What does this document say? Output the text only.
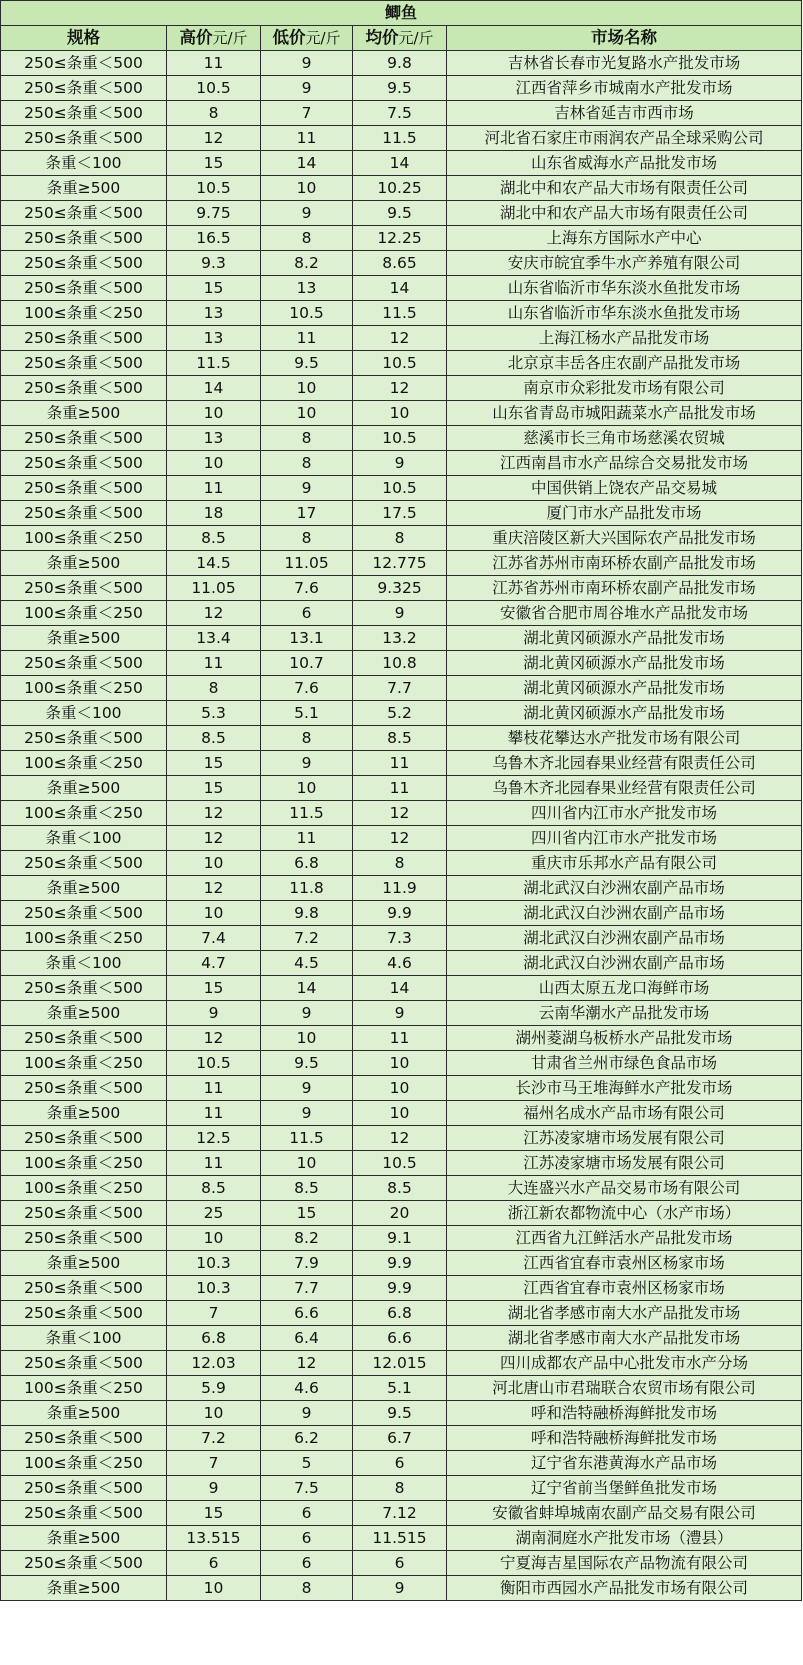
鲫鱼				
规格	高价元/斤	低价元/斤	均价元/斤	市场名称
250≤条重＜500	11	9	9.8	吉林省长春市光复路水产批发市场
250≤条重＜500	10.5	9	9.5	江西省萍乡市城南水产批发市场
250≤条重＜500	8	7	7.5	吉林省延吉市西市场
250≤条重＜500	12	11	11.5	河北省石家庄市雨润农产品全球采购公司
条重＜100	15	14	14	山东省威海水产品批发市场
条重≥500	10.5	10	10.25	湖北中和农产品大市场有限责任公司
250≤条重＜500	9.75	9	9.5	湖北中和农产品大市场有限责任公司
250≤条重＜500	16.5	8	12.25	上海东方国际水产中心
250≤条重＜500	9.3	8.2	8.65	安庆市皖宜季牛水产养殖有限公司
250≤条重＜500	15	13	14	山东省临沂市华东淡水鱼批发市场
100≤条重＜250	13	10.5	11.5	山东省临沂市华东淡水鱼批发市场
250≤条重＜500	13	11	12	上海江杨水产品批发市场
250≤条重＜500	11.5	9.5	10.5	北京京丰岳各庄农副产品批发市场
250≤条重＜500	14	10	12	南京市众彩批发市场有限公司
条重≥500	10	10	10	山东省青岛市城阳蔬菜水产品批发市场
250≤条重＜500	13	8	10.5	慈溪市长三角市场慈溪农贸城
250≤条重＜500	10	8	9	江西南昌市水产品综合交易批发市场
250≤条重＜500	11	9	10.5	中国供销上饶农产品交易城
250≤条重＜500	18	17	17.5	厦门市水产品批发市场
100≤条重＜250	8.5	8	8	重庆涪陵区新大兴国际农产品批发市场
条重≥500	14.5	11.05	12.775	江苏省苏州市南环桥农副产品批发市场
250≤条重＜500	11.05	7.6	9.325	江苏省苏州市南环桥农副产品批发市场
100≤条重＜250	12	6	9	安徽省合肥市周谷堆水产品批发市场
条重≥500	13.4	13.1	13.2	湖北黄冈硕源水产品批发市场
250≤条重＜500	11	10.7	10.8	湖北黄冈硕源水产品批发市场
100≤条重＜250	8	7.6	7.7	湖北黄冈硕源水产品批发市场
条重＜100	5.3	5.1	5.2	湖北黄冈硕源水产品批发市场
250≤条重＜500	8.5	8	8.5	攀枝花攀达水产批发市场有限公司
100≤条重＜250	15	9	11	乌鲁木齐北园春果业经营有限责任公司
条重≥500	15	10	11	乌鲁木齐北园春果业经营有限责任公司
100≤条重＜250	12	11.5	12	四川省内江市水产批发市场
条重＜100	12	11	12	四川省内江市水产批发市场
250≤条重＜500	10	6.8	8	重庆市乐邦水产品有限公司
条重≥500	12	11.8	11.9	湖北武汉白沙洲农副产品市场
250≤条重＜500	10	9.8	9.9	湖北武汉白沙洲农副产品市场
100≤条重＜250	7.4	7.2	7.3	湖北武汉白沙洲农副产品市场
条重＜100	4.7	4.5	4.6	湖北武汉白沙洲农副产品市场
250≤条重＜500	15	14	14	山西太原五龙口海鲜市场
条重≥500	9	9	9	云南华潮水产品批发市场
250≤条重＜500	12	10	11	湖州菱湖乌板桥水产品批发市场
100≤条重＜250	10.5	9.5	10	甘肃省兰州市绿色食品市场
250≤条重＜500	11	9	10	长沙市马王堆海鲜水产批发市场
条重≥500	11	9	10	福州名成水产品市场有限公司
250≤条重＜500	12.5	11.5	12	江苏凌家塘市场发展有限公司
100≤条重＜250	11	10	10.5	江苏凌家塘市场发展有限公司
100≤条重＜250	8.5	8.5	8.5	大连盛兴水产品交易市场有限公司
250≤条重＜500	25	15	20	浙江新农都物流中心（水产市场）
250≤条重＜500	10	8.2	9.1	江西省九江鲜活水产品批发市场
条重≥500	10.3	7.9	9.9	江西省宜春市袁州区杨家市场
250≤条重＜500	10.3	7.7	9.9	江西省宜春市袁州区杨家市场
250≤条重＜500	7	6.6	6.8	湖北省孝感市南大水产品批发市场
条重＜100	6.8	6.4	6.6	湖北省孝感市南大水产品批发市场
250≤条重＜500	12.03	12	12.015	四川成都农产品中心批发市水产分场
100≤条重＜250	5.9	4.6	5.1	河北唐山市君瑞联合农贸市场有限公司
条重≥500	10	9	9.5	呼和浩特融桥海鲜批发市场
250≤条重＜500	7.2	6.2	6.7	呼和浩特融桥海鲜批发市场
100≤条重＜250	7	5	6	辽宁省东港黄海水产品市场
250≤条重＜500	9	7.5	8	辽宁省前当堡鲜鱼批发市场
250≤条重＜500	15	6	7.12	安徽省蚌埠城南农副产品交易有限公司
条重≥500	13.515	6	11.515	湖南洞庭水产批发市场（澧县）
250≤条重＜500	6	6	6	宁夏海吉星国际农产品物流有限公司
条重≥500	10	8	9	衡阳市西园水产品批发市场有限公司
